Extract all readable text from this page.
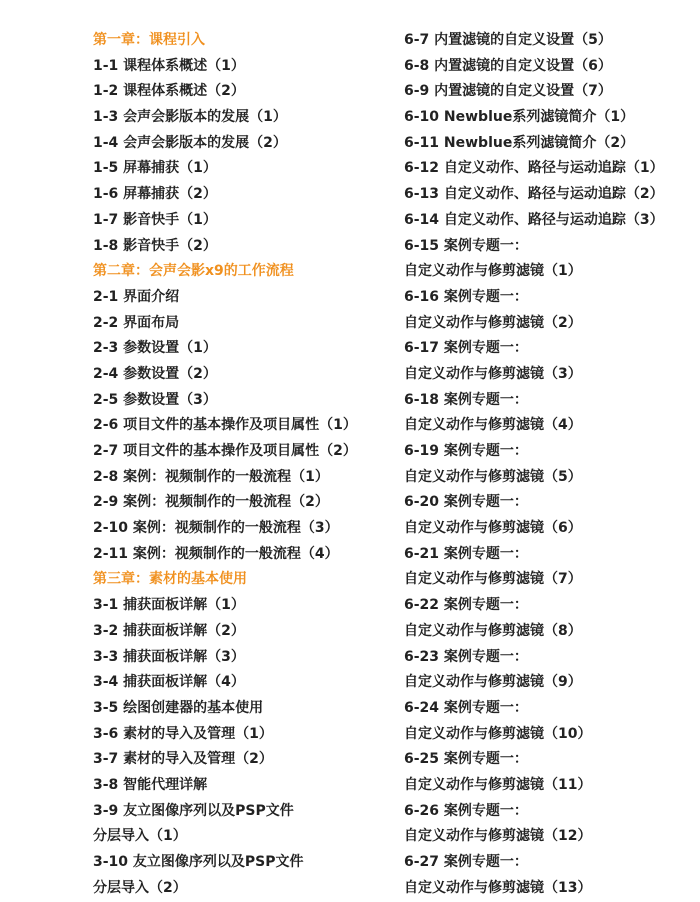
第一章：课程引入
1-1 课程体系概述（1）
1-2 课程体系概述（2）
1-3 会声会影版本的发展（1）
1-4 会声会影版本的发展（2）
1-5 屏幕捕获（1）
1-6 屏幕捕获（2）
1-7 影音快手（1）
1-8 影音快手（2）
第二章：会声会影x9的工作流程
2-1 界面介绍
2-2 界面布局
2-3 参数设置（1）
2-4 参数设置（2）
2-5 参数设置（3）
2-6 项目文件的基本操作及项目属性（1）
2-7 项目文件的基本操作及项目属性（2）
2-8 案例：视频制作的一般流程（1）
2-9 案例：视频制作的一般流程（2）
2-10 案例：视频制作的一般流程（3）
2-11 案例：视频制作的一般流程（4）
第三章：素材的基本使用
3-1 捕获面板详解（1）
3-2 捕获面板详解（2）
3-3 捕获面板详解（3）
3-4 捕获面板详解（4）
3-5 绘图创建器的基本使用
3-6 素材的导入及管理（1）
3-7 素材的导入及管理（2）
3-8 智能代理详解
3-9 友立图像序列以及PSP文件
分层导入（1）
3-10 友立图像序列以及PSP文件
分层导入（2）
6-7 内置滤镜的自定义设置（5）
6-8 内置滤镜的自定义设置（6）
6-9 内置滤镜的自定义设置（7）
6-10 Newblue系列滤镜简介（1）
6-11 Newblue系列滤镜简介（2）
6-12 自定义动作、路径与运动追踪（1）
6-13 自定义动作、路径与运动追踪（2）
6-14 自定义动作、路径与运动追踪（3）
6-15 案例专题一：
自定义动作与修剪滤镜（1）
6-16 案例专题一：
自定义动作与修剪滤镜（2）
6-17 案例专题一：
自定义动作与修剪滤镜（3）
6-18 案例专题一：
自定义动作与修剪滤镜（4）
6-19 案例专题一：
自定义动作与修剪滤镜（5）
6-20 案例专题一：
自定义动作与修剪滤镜（6）
6-21 案例专题一：
自定义动作与修剪滤镜（7）
6-22 案例专题一：
自定义动作与修剪滤镜（8）
6-23 案例专题一：
自定义动作与修剪滤镜（9）
6-24 案例专题一：
自定义动作与修剪滤镜（10）
6-25 案例专题一：
自定义动作与修剪滤镜（11）
6-26 案例专题一：
自定义动作与修剪滤镜（12）
6-27 案例专题一：
自定义动作与修剪滤镜（13）
